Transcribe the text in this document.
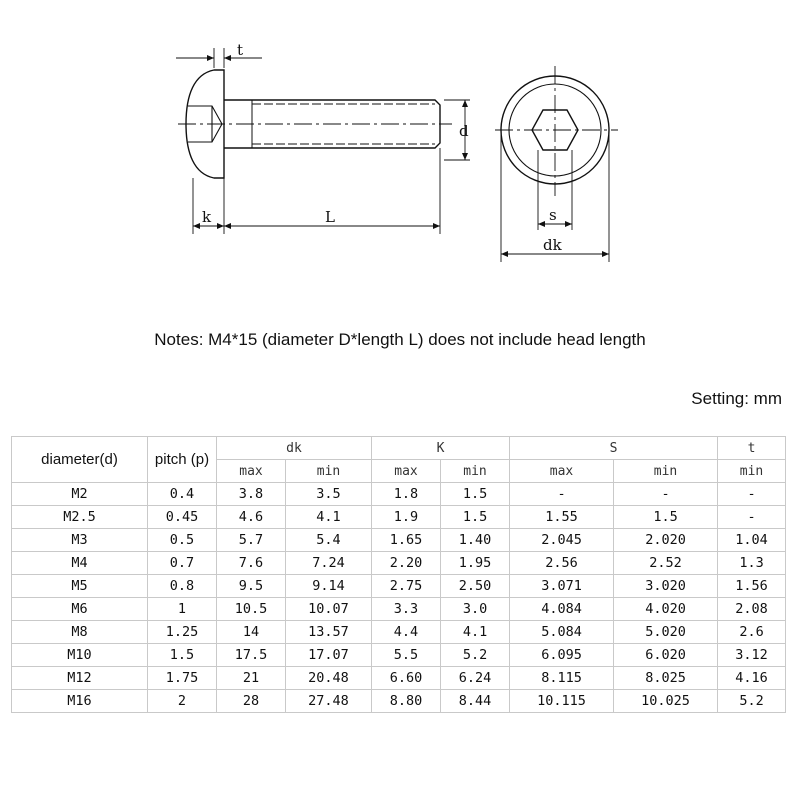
t
k	L
d
s
dk
Notes: M4*15 (diameter D*length L) does not include head length
Setting: mm
diameter(d)	pitch (p)	dk		K		S		t
		max	min	max	min	max	min	min
M2	0.4	3.8	3.5	1.8	1.5	-	-	-
M2.5	0.45	4.6	4.1	1.9	1.5	1.55	1.5	-
M3	0.5	5.7	5.4	1.65	1.40	2.045	2.020	1.04
M4	0.7	7.6	7.24	2.20	1.95	2.56	2.52	1.3
M5	0.8	9.5	9.14	2.75	2.50	3.071	3.020	1.56
M6	1	10.5	10.07	3.3	3.0	4.084	4.020	2.08
M8	1.25	14	13.57	4.4	4.1	5.084	5.020	2.6
M10	1.5	17.5	17.07	5.5	5.2	6.095	6.020	3.12
M12	1.75	21	20.48	6.60	6.24	8.115	8.025	4.16
M16	2	28	27.48	8.80	8.44	10.115	10.025	5.2
